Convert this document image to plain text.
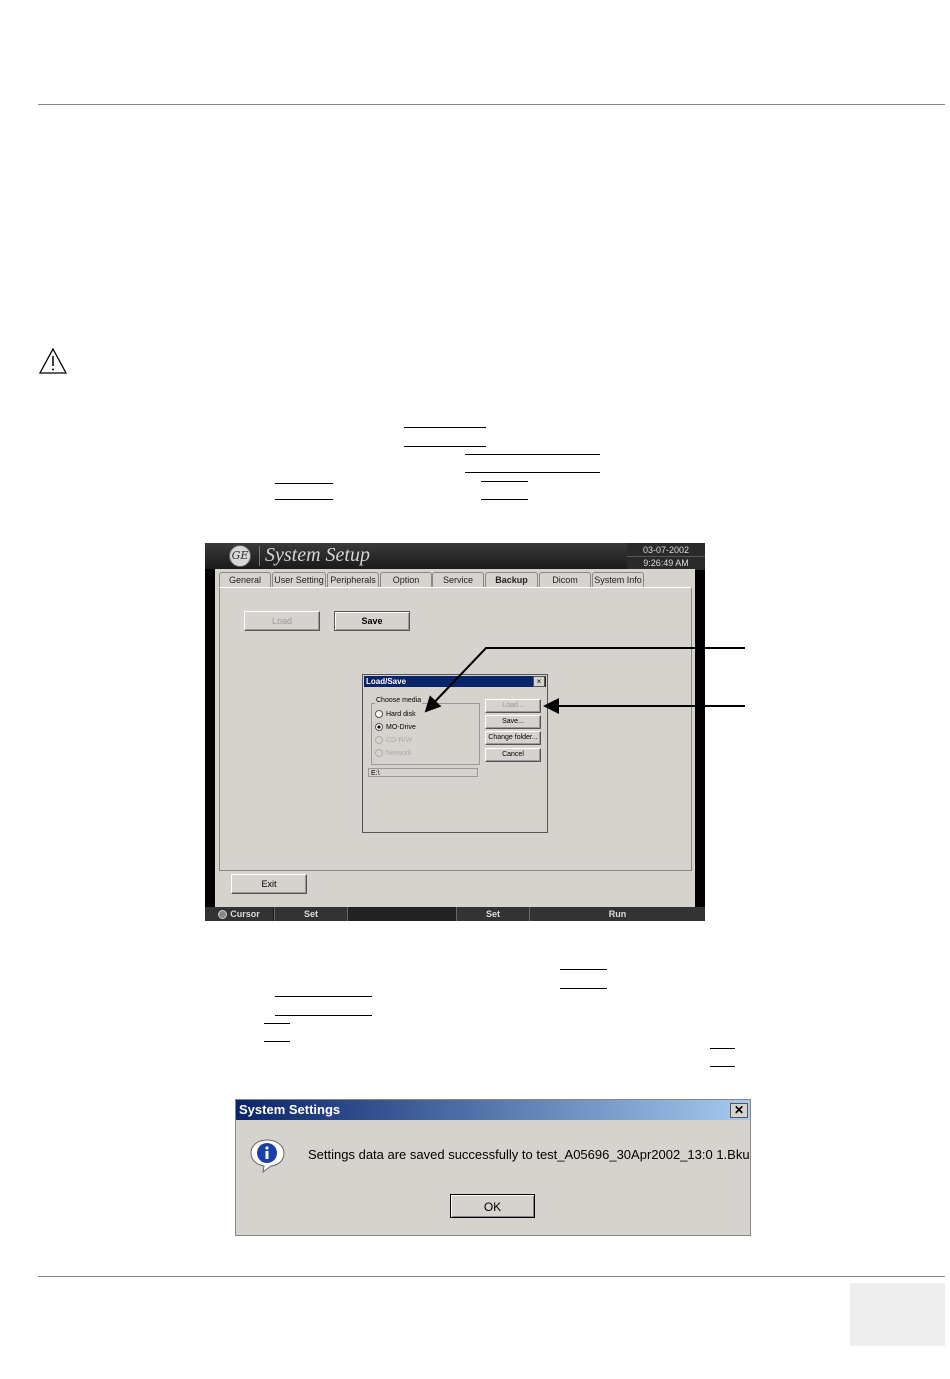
GE System Setup	03-07-2002
9:26:49 AM
General	User Setting Peripherals	Option	Service	Backup	Dicom	System Info
Load	Save
Load/Save	×
Choose media
Hard disk
MO-Drive
CD-R/W
Network
E:\
Load...
Save...
Change folder...
Cancel
Exit
Cursor	Set	Set	Run
System Settings	✕
Settings data are saved successfully to test_A05696_30Apr2002_13:0 1.Bku
OK
